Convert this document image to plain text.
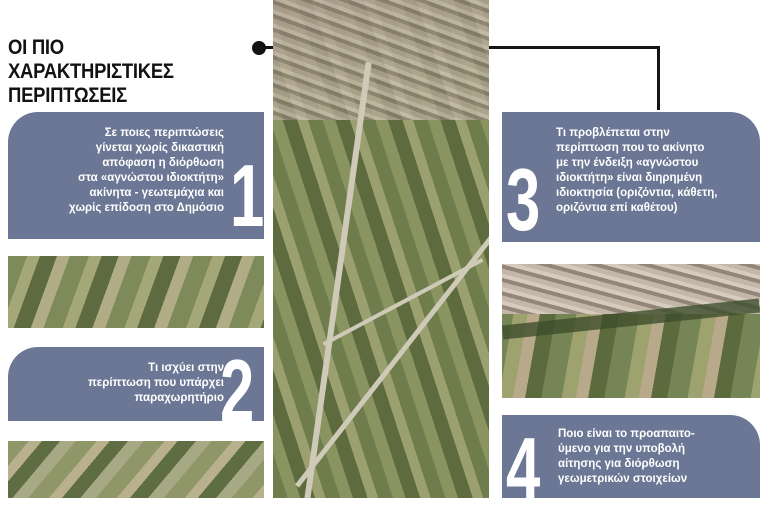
ΟΙ ΠΙΟ ΧΑΡΑΚΤΗΡΙΣΤΙΚΕΣ
ΠΕΡΙΠΤΩΣΕΙΣ
Σε ποιες περιπτώσεις
γίνεται χωρίς δικαστική
απόφαση η διόρθωση
στα «αγνώστου ιδιοκτήτη»
ακίνητα - γεωτεμάχια και
χωρίς επίδοση στο Δημόσιο 1
Τι ισχύει στην
περίπτωση που υπάρχει
παραχωρητήριο
2
3
Τι προβλέπεται στην
περίπτωση που το ακίνητο
με την ένδειξη «αγνώστου
ιδιοκτήτη» είναι διηρημένη
ιδιοκτησία (οριζόντια, κάθετη,
οριζόντια επί καθέτου)
4 Ποιο είναι το προαπαιτο-
ύμενο για την υποβολή
αίτησης για διόρθωση
γεωμετρικών στοιχείων
